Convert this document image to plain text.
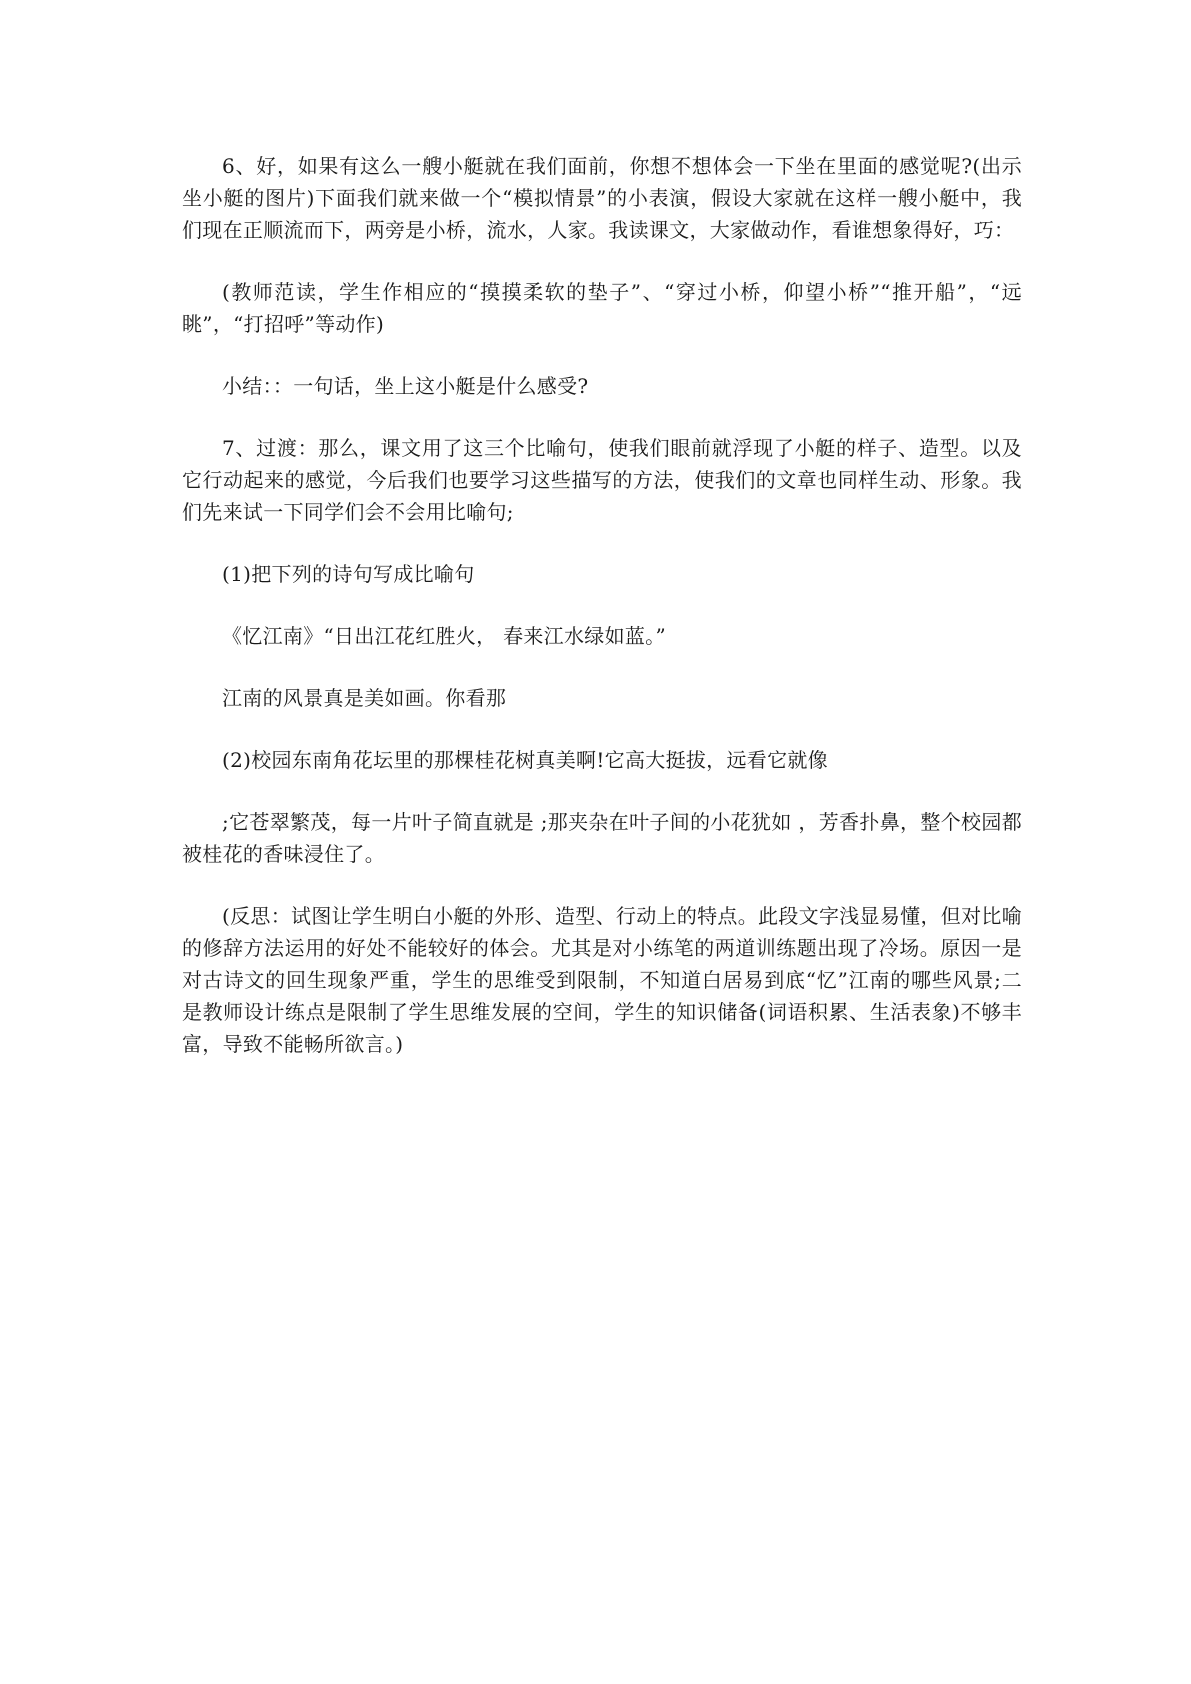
6、好，如果有这么一艘小艇就在我们面前，你想不想体会一下坐在里面的感觉呢?(出示坐小艇的图片)下面我们就来做一个“模拟情景”的小表演，假设大家就在这样一艘小艇中，我们现在正顺流而下，两旁是小桥，流水，人家。我读课文，大家做动作，看谁想象得好，巧：

(教师范读，学生作相应的“摸摸柔软的垫子”、“穿过小桥，仰望小桥”“推开船”，“远眺”，“打招呼”等动作)

小结：：一句话，坐上这小艇是什么感受?

7、过渡：那么，课文用了这三个比喻句，使我们眼前就浮现了小艇的样子、造型。以及它行动起来的感觉，今后我们也要学习这些描写的方法，使我们的文章也同样生动、形象。我们先来试一下同学们会不会用比喻句;

(1)把下列的诗句写成比喻句

《忆江南》“日出江花红胜火， 春来江水绿如蓝。”

江南的风景真是美如画。你看那

(2)校园东南角花坛里的那棵桂花树真美啊!它高大挺拔，远看它就像

;它苍翠繁茂，每一片叶子简直就是 ;那夹杂在叶子间的小花犹如 ，芳香扑鼻，整个校园都被桂花的香味浸住了。

(反思：试图让学生明白小艇的外形、造型、行动上的特点。此段文字浅显易懂，但对比喻的修辞方法运用的好处不能较好的体会。尤其是对小练笔的两道训练题出现了冷场。原因一是对古诗文的回生现象严重，学生的思维受到限制，不知道白居易到底“忆”江南的哪些风景;二是教师设计练点是限制了学生思维发展的空间，学生的知识储备(词语积累、生活表象)不够丰富，导致不能畅所欲言。)
